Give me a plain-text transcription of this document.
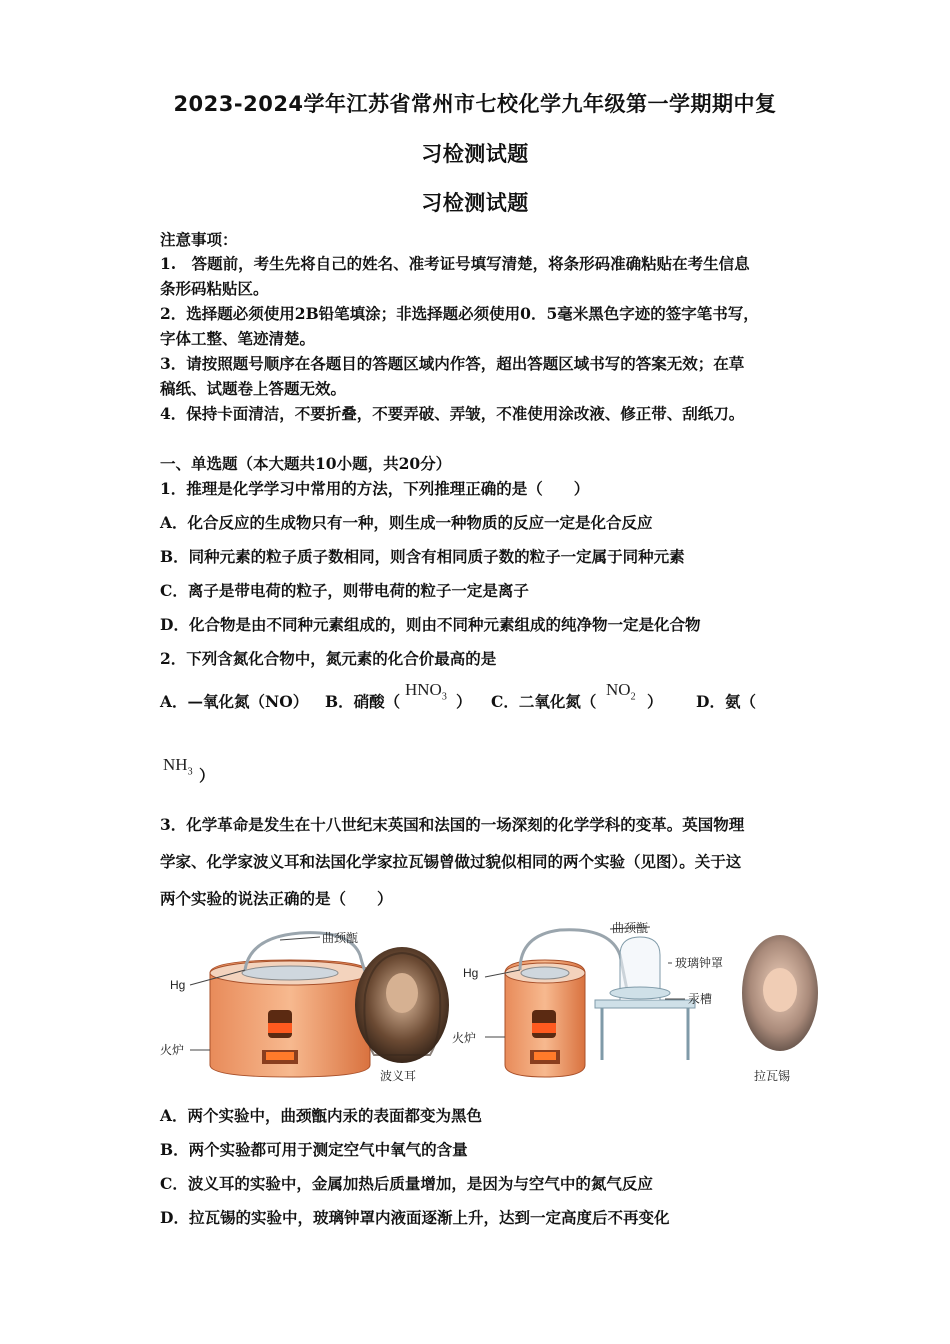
2023-2024学年江苏省常州市七校化学九年级第一学期期中复
习检测试题
习检测试题
注意事项：
1.　答题前，考生先将自己的姓名、准考证号填写清楚，将条形码准确粘贴在考生信息
条形码粘贴区。
2．选择题必须使用2B铅笔填涂；非选择题必须使用0．5毫米黑色字迹的签字笔书写，
字体工整、笔迹清楚。
3．请按照题号顺序在各题目的答题区域内作答，超出答题区域书写的答案无效；在草
稿纸、试题卷上答题无效。
4．保持卡面清洁，不要折叠，不要弄破、弄皱，不准使用涂改液、修正带、刮纸刀。
一、单选题（本大题共10小题，共20分）
1．推理是化学学习中常用的方法，下列推理正确的是（　　）
A．化合反应的生成物只有一种，则生成一种物质的反应一定是化合反应
B．同种元素的粒子质子数相同，则含有相同质子数的粒子一定属于同种元素
C．离子是带电荷的粒子，则带电荷的粒子一定是离子
D．化合物是由不同种元素组成的，则由不同种元素组成的纯净物一定是化合物
2．下列含氮化合物中，氮元素的化合价最高的是
A．—氧化氮（NO） B．硝酸（
$HNO_3$ ） C．二氧化氮（
$NO_2$ ） D．氨（
$NH_3$ ）
3．化学革命是发生在十八世纪末英国和法国的一场深刻的化学学科的变革。英国物理
学家、化学家波义耳和法国化学家拉瓦锡曾做过貌似相同的两个实验（见图）。关于这
两个实验的说法正确的是（　　）
曲颈甑
Hg
火炉
波义耳
曲颈甑
玻璃钟罩
汞槽
Hg
火炉
拉瓦锡
A．两个实验中，曲颈甑内汞的表面都变为黑色
B．两个实验都可用于测定空气中氧气的含量
C．波义耳的实验中，金属加热后质量增加，是因为与空气中的氮气反应
D．拉瓦锡的实验中，玻璃钟罩内液面逐渐上升，达到一定高度后不再变化
